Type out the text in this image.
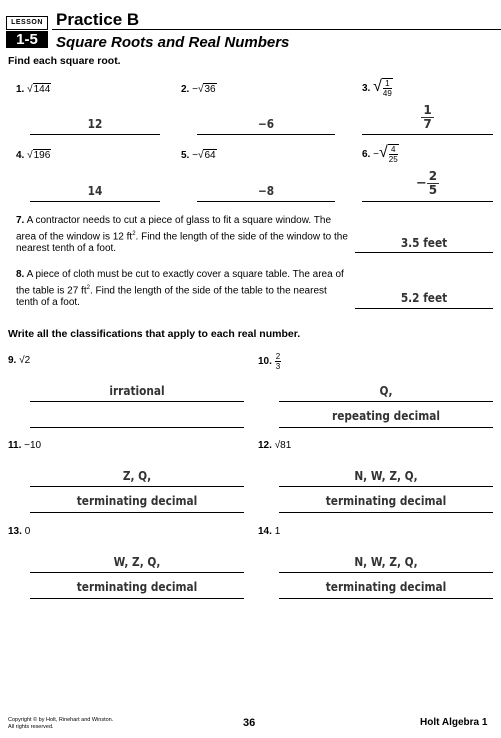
LESSON
1-5
Practice B
Square Roots and Real Numbers
Find each square root.
1. √144
12
2. −√36
−6
3. √ $\frac{1}{49}$
$\frac{1}{7}$
4. √196
14
5. −√64
−8
6. −√ $\frac{4}{25}$
− $\frac{2}{5}$
7. A contractor needs to cut a piece of glass to fit a square window. The area of the window is 12 $ft^2$. Find the length of the side of the window to the nearest tenth of a foot.	3.5 feet
8. A piece of cloth must be cut to exactly cover a square table. The area of the table is 27 $ft^2$. Find the length of the side of the table to the nearest tenth of a foot.	5.2 feet
Write all the classifications that apply to each real number.
9. √2
irrational
10. $\frac{2}{3}$
Q,
repeating decimal
11. −10
Z, Q,
terminating decimal
12. √81
N, W, Z, Q,
terminating decimal
13. 0
W, Z, Q,
terminating decimal
14. 1
N, W, Z, Q,
terminating decimal
Copyright © by Holt, Rinehart and Winston.
All rights reserved.	36	Holt Algebra 1
